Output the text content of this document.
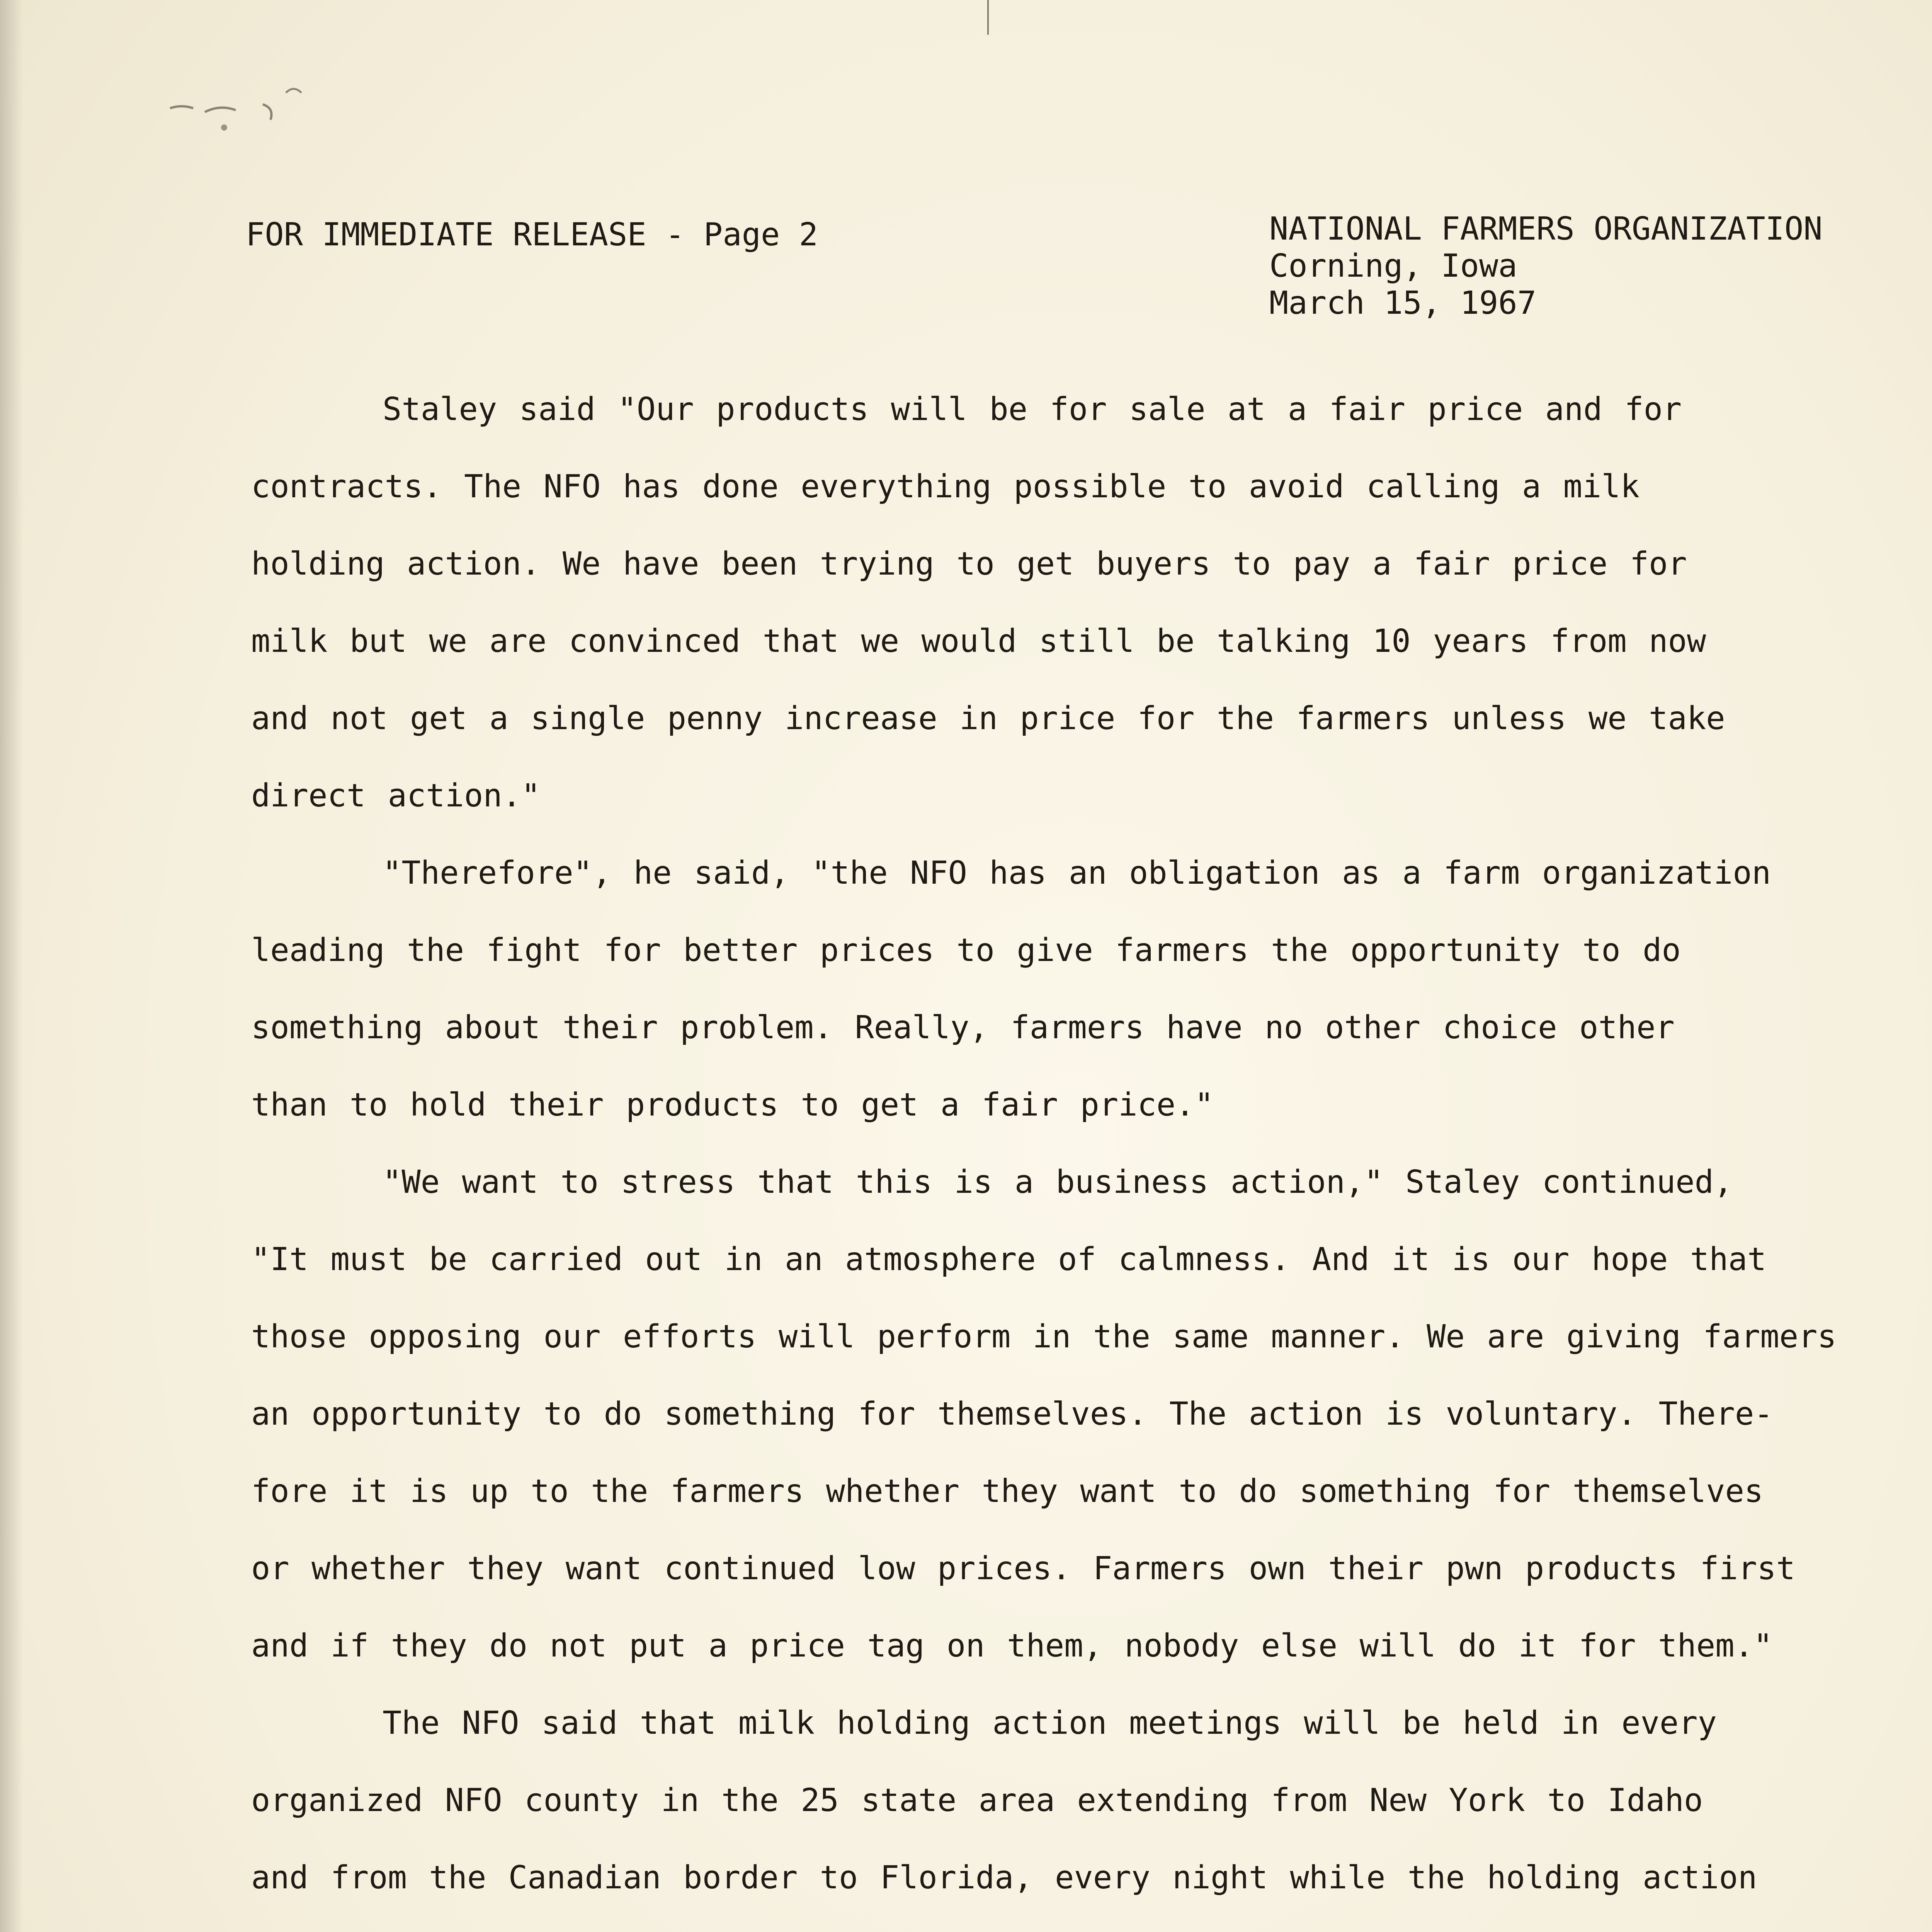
FOR IMMEDIATE RELEASE - Page 2	NATIONAL FARMERS ORGANIZATION
Corning, Iowa
March 15, 1967
Staley said "Our products will be for sale at a fair price and for
contracts. The NFO has done everything possible to avoid calling a milk
holding action. We have been trying to get buyers to pay a fair price for
milk but we are convinced that we would still be talking 10 years from now
and not get a single penny increase in price for the farmers unless we take
direct action."
"Therefore", he said, "the NFO has an obligation as a farm organization
leading the fight for better prices to give farmers the opportunity to do
something about their problem. Really, farmers have no other choice other
than to hold their products to get a fair price."
"We want to stress that this is a business action," Staley continued,
"It must be carried out in an atmosphere of calmness. And it is our hope that
those opposing our efforts will perform in the same manner. We are giving farmers
an opportunity to do something for themselves. The action is voluntary. There-
fore it is up to the farmers whether they want to do something for themselves
or whether they want continued low prices. Farmers own their pwn products first
and if they do not put a price tag on them, nobody else will do it for them."
The NFO said that milk holding action meetings will be held in every
organized NFO county in the 25 state area extending from New York to Idaho
and from the Canadian border to Florida, every night while the holding action
